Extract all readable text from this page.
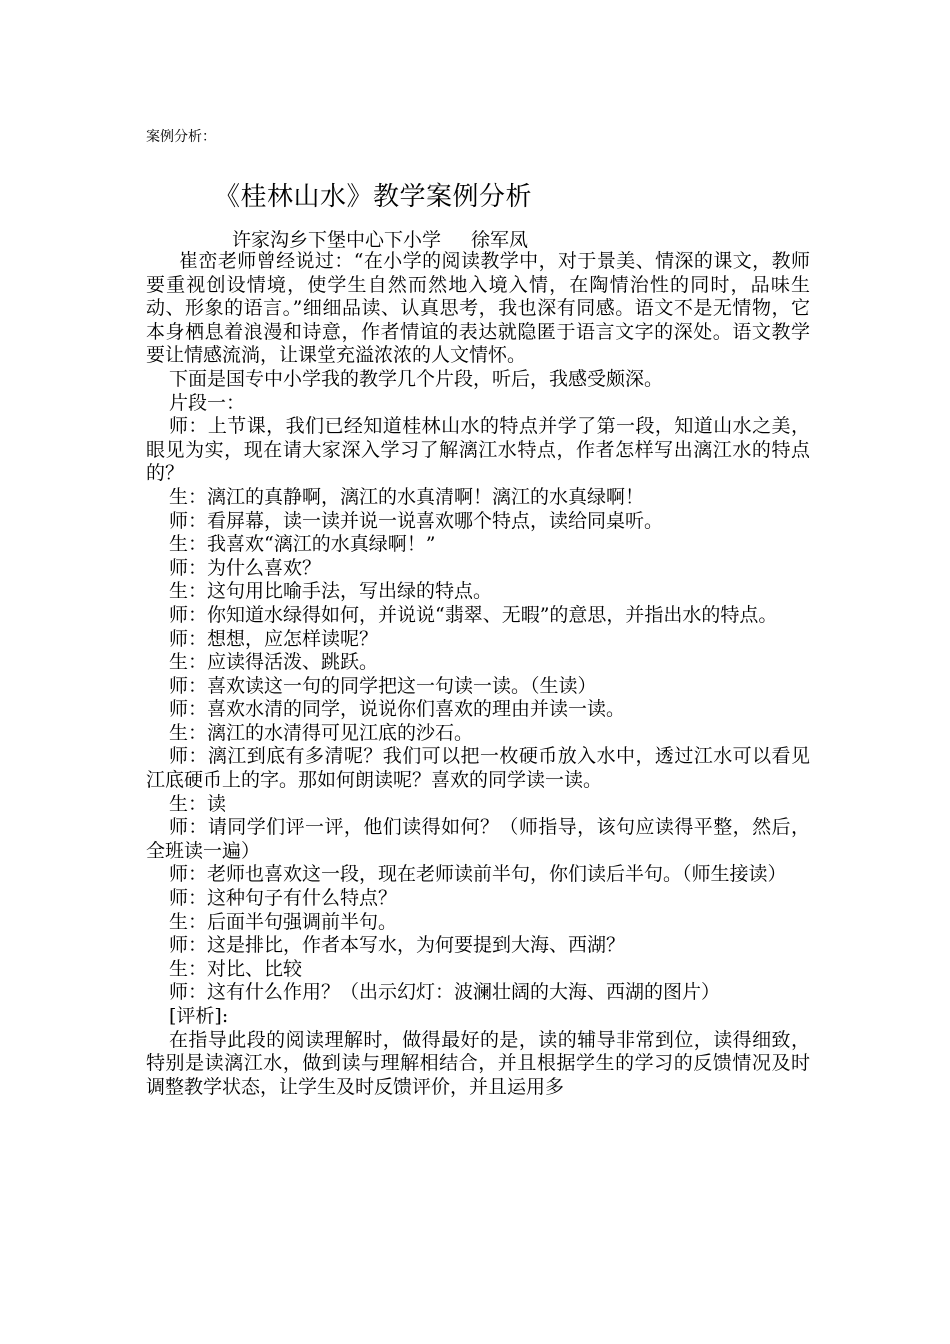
案例分析：
《桂林山水》教学案例分析
许家沟乡下堡中心下小学 徐军凤

崔峦老师曾经说过：“在小学的阅读教学中，对于景美、情深的课文，教师要重视创设情境，使学生自然而然地入境入情，在陶情治性的同时，品味生动、形象的语言。”细细品读、认真思考，我也深有同感。语文不是无情物，它本身栖息着浪漫和诗意，作者情谊的表达就隐匿于语言文字的深处。语文教学要让情感流淌，让课堂充溢浓浓的人文情怀。

下面是国专中小学我的教学几个片段，听后，我感受颇深。

片段一：

师：上节课，我们已经知道桂林山水的特点并学了第一段，知道山水之美，眼见为实，现在请大家深入学习了解漓江水特点，作者怎样写出漓江水的特点的？

生：漓江的真静啊，漓江的水真清啊！漓江的水真绿啊！

师：看屏幕，读一读并说一说喜欢哪个特点，读给同桌听。

生：我喜欢“漓江的水真绿啊！”

师：为什么喜欢？

生：这句用比喻手法，写出绿的特点。

师：你知道水绿得如何，并说说“翡翠、无暇”的意思，并指出水的特点。

师：想想，应怎样读呢？

生：应读得活泼、跳跃。

师：喜欢读这一句的同学把这一句读一读。（生读）

师：喜欢水清的同学，说说你们喜欢的理由并读一读。

生：漓江的水清得可见江底的沙石。

师：漓江到底有多清呢？我们可以把一枚硬币放入水中，透过江水可以看见江底硬币上的字。那如何朗读呢？喜欢的同学读一读。

生：读

师：请同学们评一评，他们读得如何？（师指导，该句应读得平整，然后，全班读一遍）

师：老师也喜欢这一段，现在老师读前半句，你们读后半句。（师生接读）

师：这种句子有什么特点？

生：后面半句强调前半句。

师：这是排比，作者本写水，为何要提到大海、西湖？

生：对比、比较

师：这有什么作用？（出示幻灯：波澜壮阔的大海、西湖的图片）

[评析]:

在指导此段的阅读理解时，做得最好的是，读的辅导非常到位，读得细致，特别是读漓江水，做到读与理解相结合，并且根据学生的学习的反馈情况及时调整教学状态，让学生及时反馈评价，并且运用多
